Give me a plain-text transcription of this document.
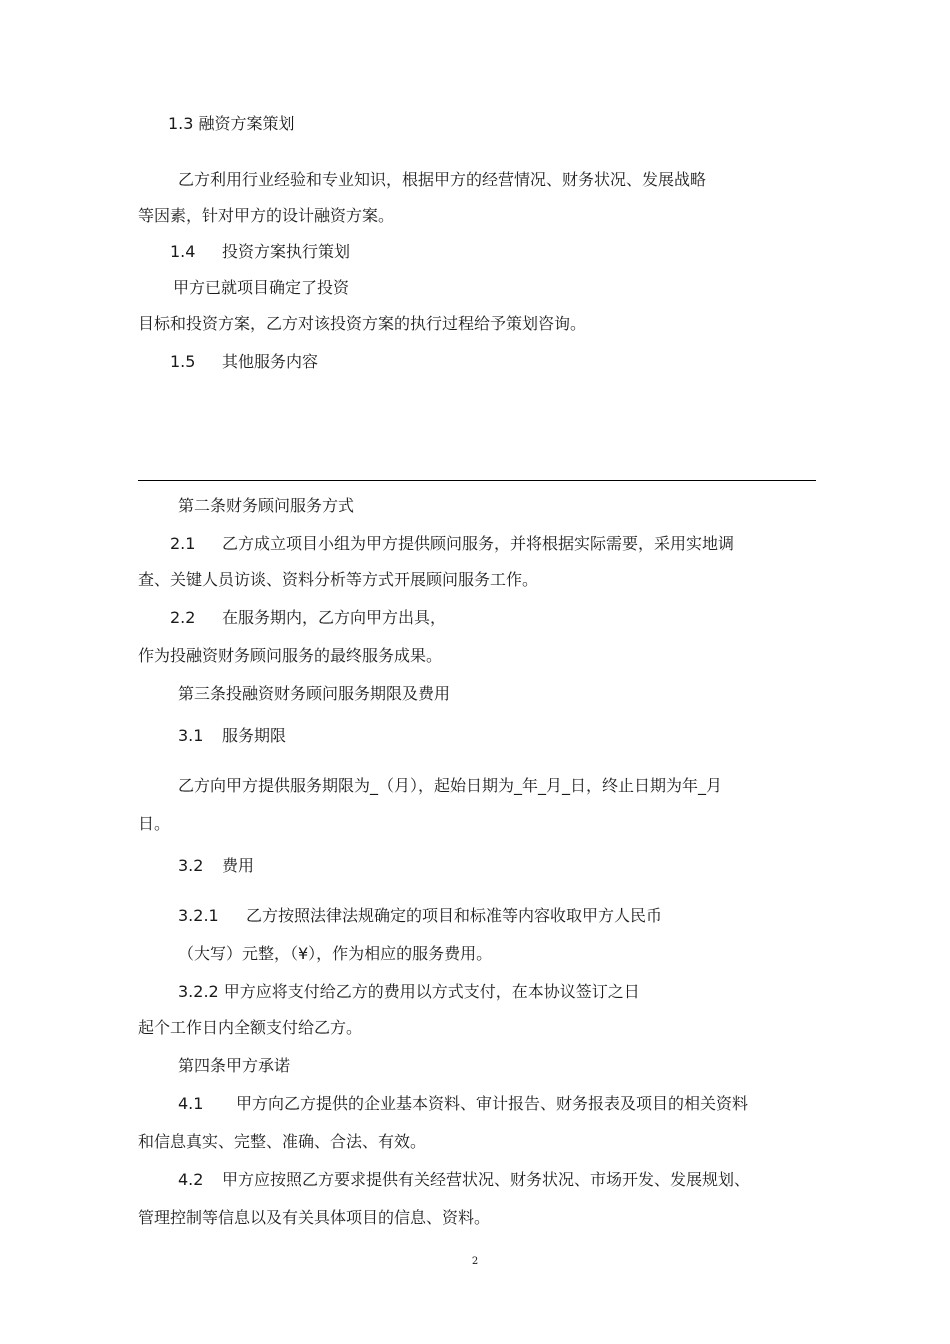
1.3 融资方案策划
乙方利用行业经验和专业知识，根据甲方的经营情况、财务状况、发展战略
等因素，针对甲方的设计融资方案。
1.4 投资方案执行策划
甲方已就项目确定了投资
目标和投资方案，乙方对该投资方案的执行过程给予策划咨询。
1.5 其他服务内容
第二条财务顾问服务方式
2.1 乙方成立项目小组为甲方提供顾问服务，并将根据实际需要，采用实地调
查、关键人员访谈、资料分析等方式开展顾问服务工作。
2.2 在服务期内，乙方向甲方出具，
作为投融资财务顾问服务的最终服务成果。
第三条投融资财务顾问服务期限及费用
3.1 服务期限
乙方向甲方提供服务期限为_（月），起始日期为_年_月_日，终止日期为年_月
日。
3.2 费用
3.2.1 乙方按照法律法规确定的项目和标准等内容收取甲方人民币
（大写）元整，（¥），作为相应的服务费用。
3.2.2 甲方应将支付给乙方的费用以方式支付，在本协议签订之日
起个工作日内全额支付给乙方。
第四条甲方承诺
4.1 甲方向乙方提供的企业基本资料、审计报告、财务报表及项目的相关资料
和信息真实、完整、准确、合法、有效。
4.2 甲方应按照乙方要求提供有关经营状况、财务状况、市场开发、发展规划、
管理控制等信息以及有关具体项目的信息、资料。
2
